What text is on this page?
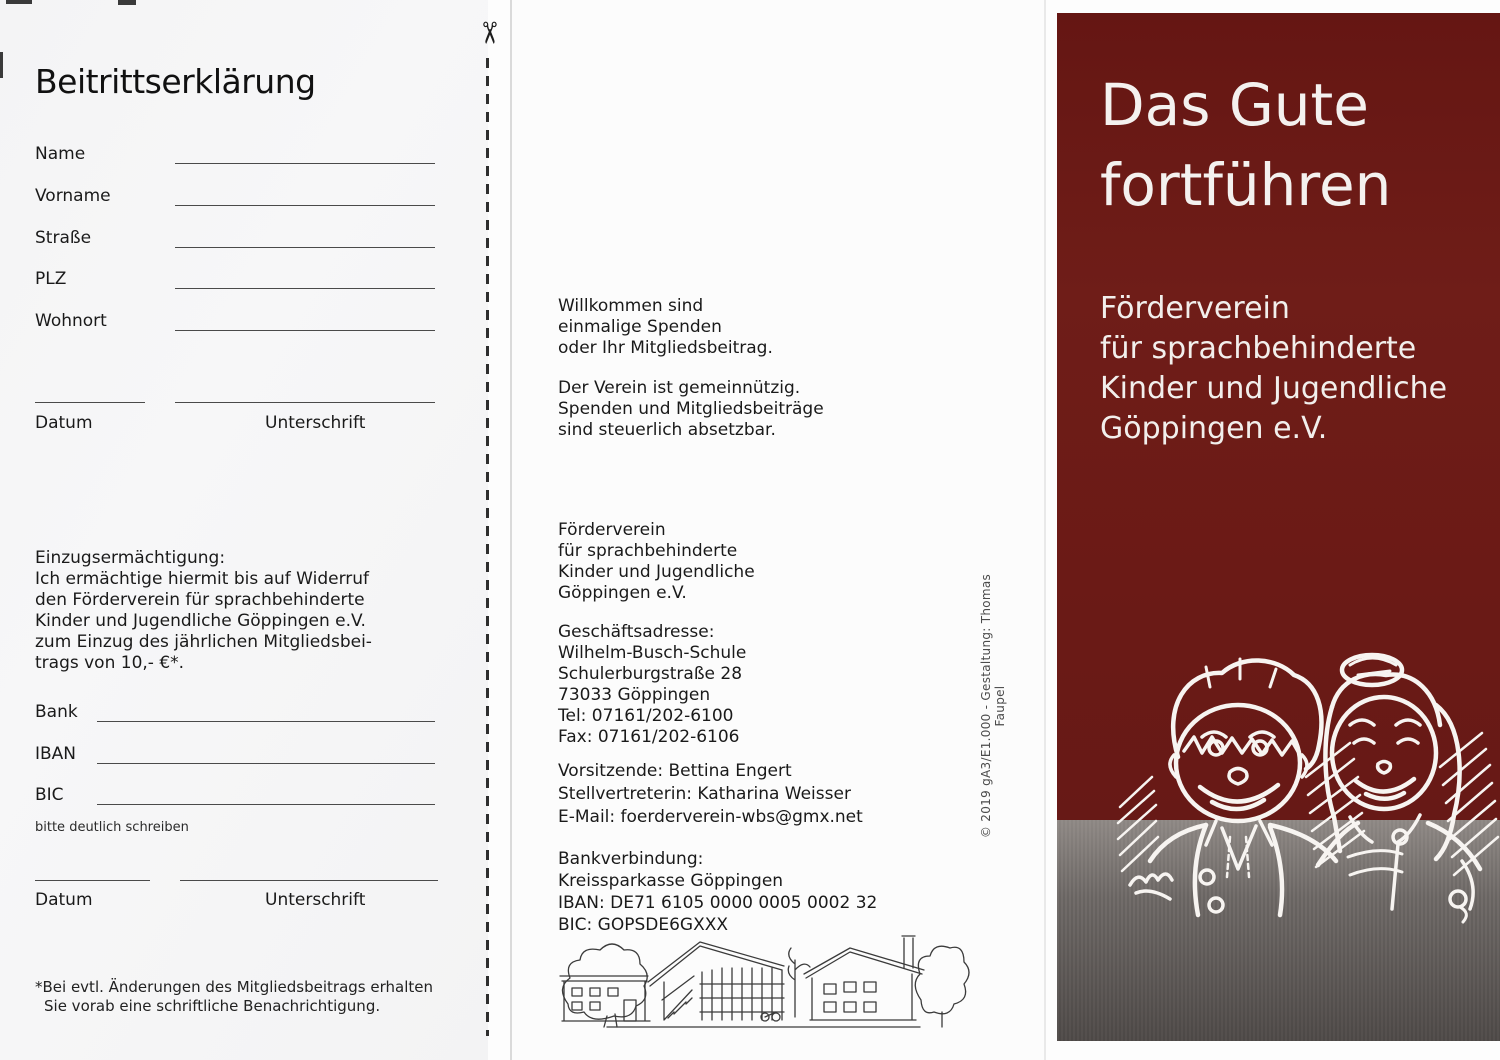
✂
Beitrittserklärung
Name
Vorname
Straße
PLZ
Wohnort
Datum	Unterschrift
Einzugsermächtigung:
Ich ermächtige hiermit bis auf Widerruf
den Förderverein für sprachbehinderte
Kinder und Jugendliche Göppingen e.V.
zum Einzug des jährlichen Mitgliedsbei-
trags von 10,- €*.
Bank
IBAN
BIC
bitte deutlich schreiben
Datum	Unterschrift
*Bei evtl. Änderungen des Mitgliedsbeitrags erhalten
Sie vorab eine schriftliche Benachrichtigung.
Willkommen sind
einmalige Spenden
oder Ihr Mitgliedsbeitrag.
Der Verein ist gemeinnützig.
Spenden und Mitgliedsbeiträge
sind steuerlich absetzbar.
Förderverein
für sprachbehinderte
Kinder und Jugendliche
Göppingen e.V.
Geschäftsadresse:
Wilhelm-Busch-Schule
Schulerburgstraße 28
73033 Göppingen
Tel: 07161/202-6100
Fax: 07161/202-6106
Vorsitzende: Bettina Engert
Stellvertreterin: Katharina Weisser
E-Mail: foerderverein-wbs@gmx.net
Bankverbindung:
Kreissparkasse Göppingen
IBAN: DE71 6105 0000 0005 0002 32
BIC: GOPSDE6GXXX
© 2019 gA3/E1.000 - Gestaltung: Thomas Faupel
Das Gute
fortführen
Förderverein
für sprachbehinderte
Kinder und Jugendliche
Göppingen e.V.
